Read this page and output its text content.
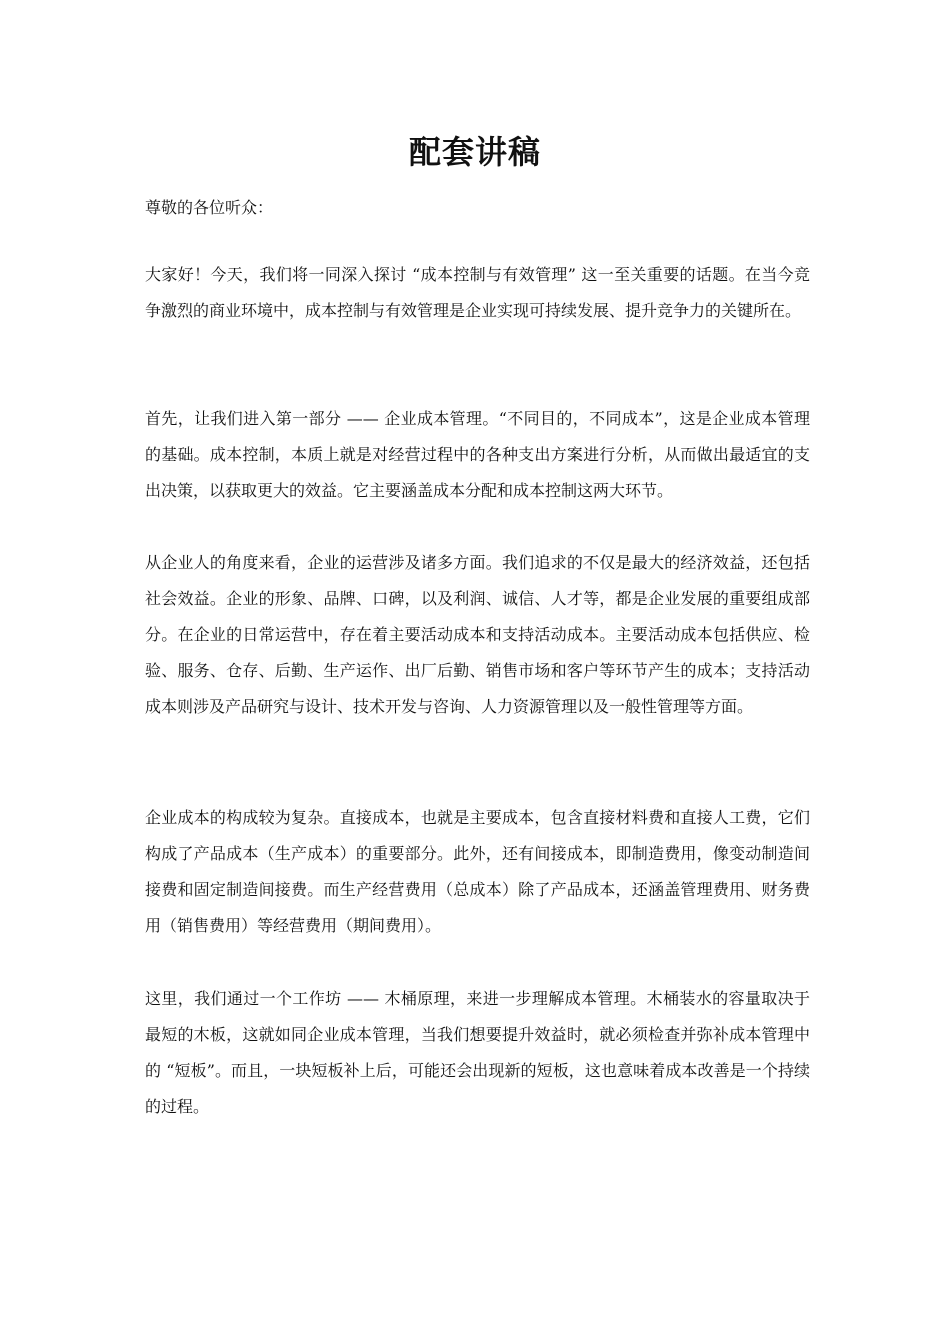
配套讲稿
尊敬的各位听众：

大家好！今天，我们将一同深入探讨 “成本控制与有效管理” 这一至关重要的话题。在当今竞争激烈的商业环境中，成本控制与有效管理是企业实现可持续发展、提升竞争力的关键所在。

首先，让我们进入第一部分 —— 企业成本管理。“不同目的，不同成本”，这是企业成本管理的基础。成本控制，本质上就是对经营过程中的各种支出方案进行分析，从而做出最适宜的支出决策，以获取更大的效益。它主要涵盖成本分配和成本控制这两大环节。

从企业人的角度来看，企业的运营涉及诸多方面。我们追求的不仅是最大的经济效益，还包括社会效益。企业的形象、品牌、口碑，以及利润、诚信、人才等，都是企业发展的重要组成部分。在企业的日常运营中，存在着主要活动成本和支持活动成本。主要活动成本包括供应、检验、服务、仓存、后勤、生产运作、出厂后勤、销售市场和客户等环节产生的成本；支持活动成本则涉及产品研究与设计、技术开发与咨询、人力资源管理以及一般性管理等方面。

企业成本的构成较为复杂。直接成本，也就是主要成本，包含直接材料费和直接人工费，它们构成了产品成本（生产成本）的重要部分。此外，还有间接成本，即制造费用，像变动制造间接费和固定制造间接费。而生产经营费用（总成本）除了产品成本，还涵盖管理费用、财务费用（销售费用）等经营费用（期间费用）。

这里，我们通过一个工作坊 —— 木桶原理，来进一步理解成本管理。木桶装水的容量取决于最短的木板，这就如同企业成本管理，当我们想要提升效益时，就必须检查并弥补成本管理中的 “短板”。而且，一块短板补上后，可能还会出现新的短板，这也意味着成本改善是一个持续的过程。
